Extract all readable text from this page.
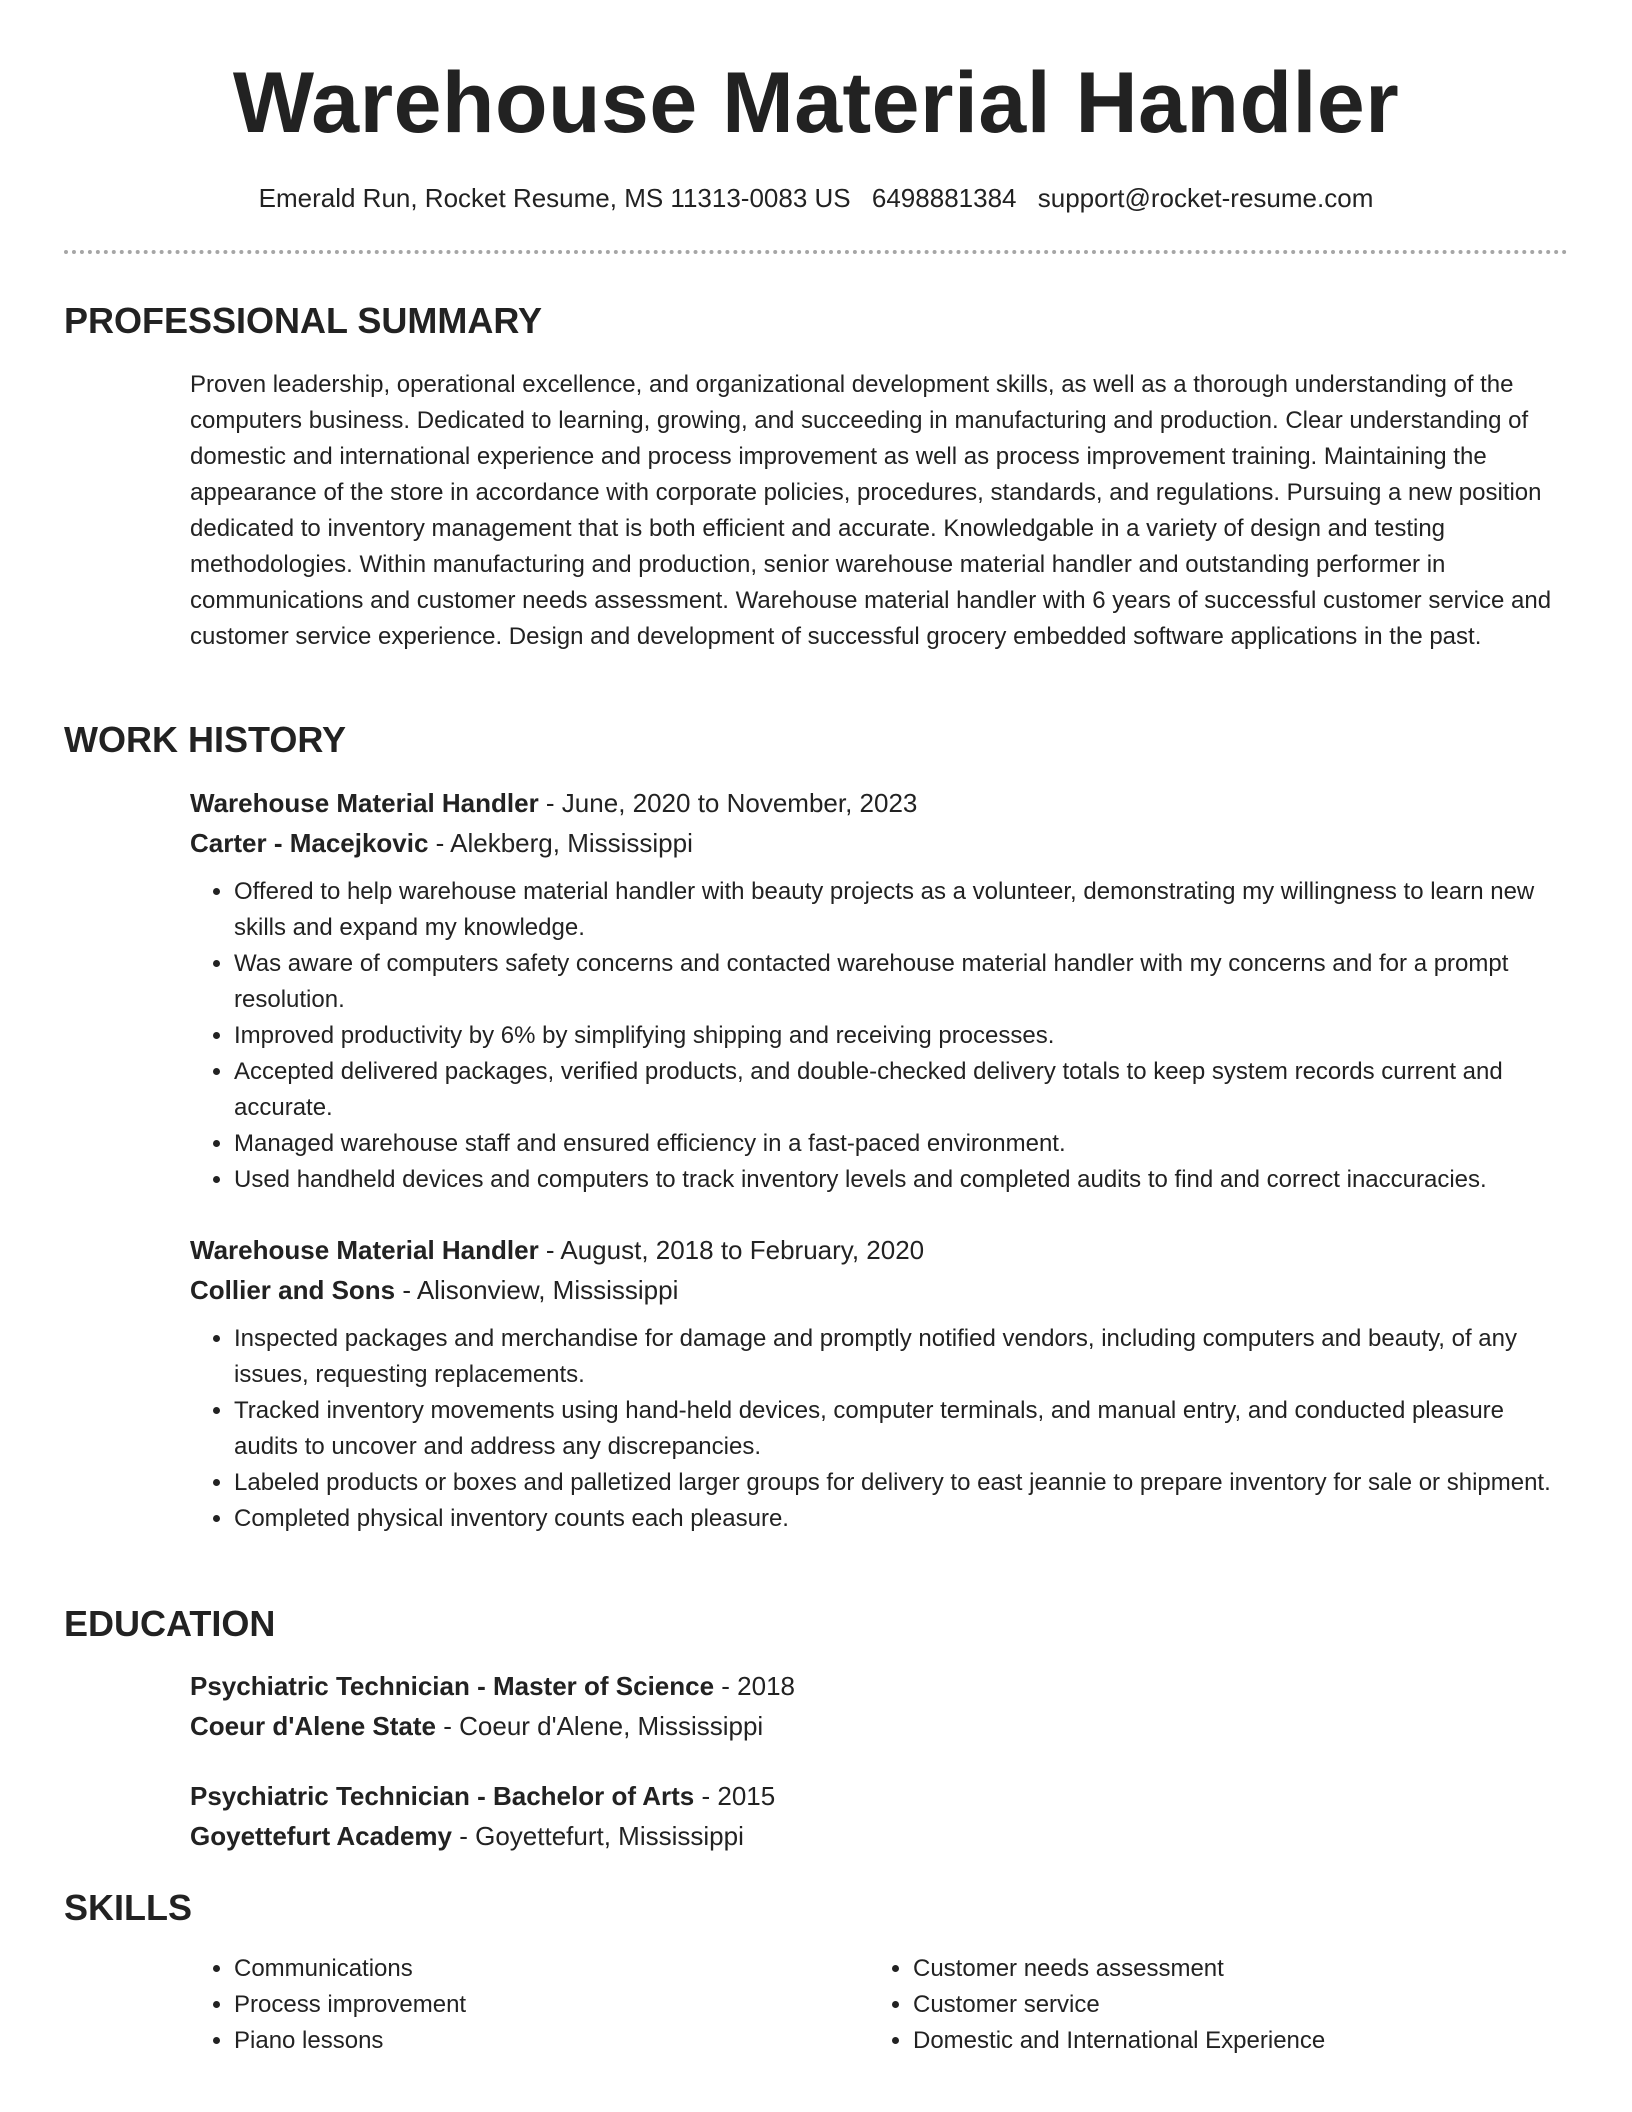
Warehouse Material Handler
Emerald Run, Rocket Resume, MS 11313-0083 US 6498881384 support@rocket-resume.com
PROFESSIONAL SUMMARY

Proven leadership, operational excellence, and organizational development skills, as well as a thorough understanding of the computers business. Dedicated to learning, growing, and succeeding in manufacturing and production. Clear understanding of domestic and international experience and process improvement as well as process improvement training. Maintaining the appearance of the store in accordance with corporate policies, procedures, standards, and regulations. Pursuing a new position dedicated to inventory management that is both efficient and accurate. Knowledgable in a variety of design and testing methodologies. Within manufacturing and production, senior warehouse material handler and outstanding performer in communications and customer needs assessment. Warehouse material handler with 6 years of successful customer service and customer service experience. Design and development of successful grocery embedded software applications in the past.

WORK HISTORY
Warehouse Material Handler - June, 2020 to November, 2023
Carter - Macejkovic - Alekberg, Mississippi
• Offered to help warehouse material handler with beauty projects as a volunteer, demonstrating my willingness to learn new skills and expand my knowledge.
• Was aware of computers safety concerns and contacted warehouse material handler with my concerns and for a prompt resolution.
• Improved productivity by 6% by simplifying shipping and receiving processes.
• Accepted delivered packages, verified products, and double-checked delivery totals to keep system records current and accurate.
• Managed warehouse staff and ensured efficiency in a fast-paced environment.
• Used handheld devices and computers to track inventory levels and completed audits to find and correct inaccuracies.
Warehouse Material Handler - August, 2018 to February, 2020
Collier and Sons - Alisonview, Mississippi
• Inspected packages and merchandise for damage and promptly notified vendors, including computers and beauty, of any issues, requesting replacements.
• Tracked inventory movements using hand-held devices, computer terminals, and manual entry, and conducted pleasure audits to uncover and address any discrepancies.
• Labeled products or boxes and palletized larger groups for delivery to east jeannie to prepare inventory for sale or shipment.
• Completed physical inventory counts each pleasure.
EDUCATION
Psychiatric Technician - Master of Science - 2018
Coeur d'Alene State - Coeur d'Alene, Mississippi
Psychiatric Technician - Bachelor of Arts - 2015
Goyettefurt Academy - Goyettefurt, Mississippi
SKILLS
• Communications
• Process improvement
• Piano lessons
• Customer needs assessment
• Customer service
• Domestic and International Experience
